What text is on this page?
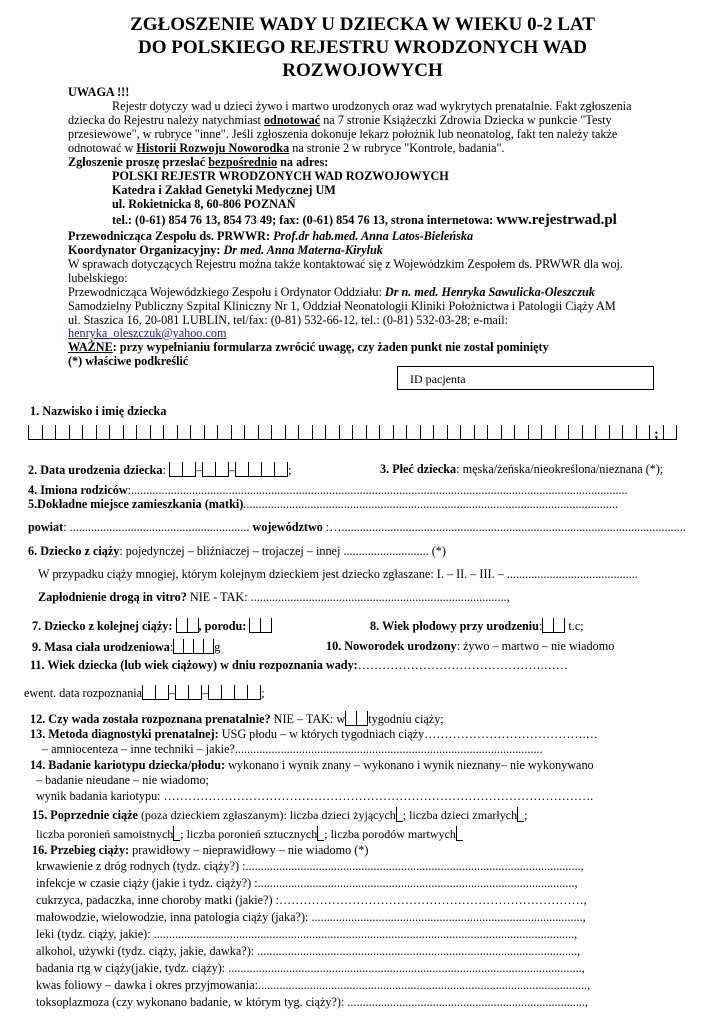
ZGŁOSZENIE WADY U DZIECKA W WIEKU 0-2 LAT
DO POLSKIEGO REJESTRU WRODZONYCH WAD
ROZWOJOWYCH
UWAGA !!!
Rejestr dotyczy wad u dzieci żywo i martwo urodzonych oraz wad wykrytych prenatalnie. Fakt zgłoszenia
dziecka do Rejestru należy natychmiast odnotować na 7 stronie Książeczki Zdrowia Dziecka w punkcie "Testy
przesiewowe", w rubryce "inne". Jeśli zgłoszenia dokonuje lekarz położnik lub neonatolog, fakt ten należy także
odnotować w Historii Rozwoju Noworodka na stronie 2 w rubryce "Kontrole, badania".
Zgłoszenie proszę przesłać bezpośrednio na adres:
POLSKI REJESTR WRODZONYCH WAD ROZWOJOWYCH
Katedra i Zakład Genetyki Medycznej UM
ul. Rokietnicka 8, 60-806 POZNAŃ
tel.: (0-61) 854 76 13, 854 73 49; fax: (0-61) 854 76 13, strona internetowa: www.rejestrwad.pl
Przewodnicząca Zespołu ds. PRWWR: Prof.dr hab.med. Anna Latos-Bieleńska
Koordynator Organizacyjny: Dr med. Anna Materna-Kiryluk
W sprawach dotyczących Rejestru można także kontaktować się z Wojewódzkim Zespołem ds. PRWWR dla woj.
lubelskiego:
Przewodnicząca Wojewódzkiego Zespołu i Ordynator Oddziału: Dr n. med. Henryka Sawulicka-Oleszczuk
Samodzielny Publiczny Szpital Kliniczny Nr 1, Oddział Neonatologii Kliniki Położnictwa i Patologii Ciąży AM
ul. Staszica 16, 20-081 LUBLIN, tel/fax: (0-81) 532-66-12, tel.: (0-81) 532-03-28; e-mail:
henryka_oleszczuk@yahoo.com
WAŻNE: przy wypełnianiu formularza zwrócić uwagę, czy żaden punkt nie został pominięty
(*) właściwe podkreślić
ID pacjenta
1. Nazwisko i imię dziecka
;
2. Data urodzenia dziecka: – –	;	3. Płeć dziecka: męska/żeńska/nieokreślona/nieznana (*);
4. Imiona rodziców:...................................................................................................................................................................
5.Dokładne miejsce zamieszkania (matki)...........................................................................................................................
powiat: ........................................................... województwo :….................................................................................................................
6. Dziecko z ciąży: pojedynczej – bliźniaczej – trojaczej – innej ............................ (*)
W przypadku ciąży mnogiej, którym kolejnym dzieckiem jest dziecko zgłaszane: I. – II. – III. – ...........................................
Zapłodnienie drogą in vitro? NIE - TAK: ....................................................................................,
7. Dziecko z kolejnej ciąży: , porodu:	8. Wiek płodowy przy urodzeniu: t.c;
9. Masa ciała urodzeniowa:	g	10. Noworodek urodzony: żywo – martwo – nie wiadomo
11. Wiek dziecka (lub wiek ciążowy) w dniu rozpoznania wady:……………………………………….……
ewent. data rozpoznania – –	;
12. Czy wada została rozpoznana prenatalnie? NIE – TAK: w tygodniu ciąży;
13. Metoda diagnostyki prenatalnej: USG płodu – w których tygodniach ciąży………………………………….…
– amniocenteza – inne techniki – jakie?.....................................................................................................
14. Badanie kariotypu dziecka/płodu: wykonano i wynik znany – wykonano i wynik nieznany– nie wykonywano
– badanie nieudane – nie wiadomo;
wynik badania kariotypu: …………………………………………………………………………………………….
15. Poprzednie ciąże (poza dzieckiem zgłaszanym): liczba dzieci żyjących ; liczba dzieci zmarłych ;
liczba poronień samoistnych ; liczba poronień sztucznych ; liczba porodów martwych
16. Przebieg ciąży: prawidłowy – nieprawidłowy – nie wiadomo (*)
krwawienie z dróg rodnych (tydz. ciąży?) :..............................................................................................................,
infekcje w czasie ciąży (jakie i tydz. ciąży?) :........................................................................................................,
cukrzyca, padaczka, inne choroby matki (jakie?) :…………………………………………………………………,
małowodzie, wielowodzie, inna patologia ciąży (jaka?): .........................................................................................,
leki (tydz. ciąży, jakie): ..........................................................................................................................................,
alkohol, używki (tydz. ciąży, jakie, dawka?): .........................................................................................................,
badania rtg w ciąży(jakie, tydz. ciąży): ....................................................................................................................,
kwas foliowy – dawka i okres przyjmowania:............................................................................................................,
toksoplazmoza (czy wykonano badanie, w którym tyg. ciąży?): ..............................................................................,
